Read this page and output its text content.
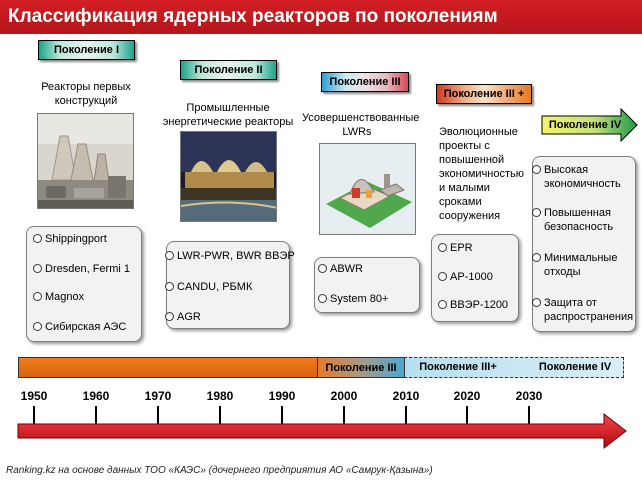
Классификация ядерных реакторов по поколениям
Поколение I
Поколение II
Поколение III
Поколение III +
Поколение IV
Реакторы первых конструкций
Промышленные энергетические реакторы Усовершенствованные LWRs	Эволюционные проекты с повышенной экономичностью и малыми сроками сооружения
Shippingport
Dresden, Fermi 1
Magnox
Сибирская АЭС
LWR-PWR, BWR ВВЭР
CANDU, РБМК
AGR
ABWR
System 80+
EPR
AP-1000
ВВЭР-1200
Высокая экономичность
Повышенная безопасность
Минимальные отходы
Защита от распространения
Поколение III	Поколение III+	Поколение IV
1950	1960	1970	1980	1990	2000	2010	2020	2030
Ranking.kz на основе данных ТОО «КАЭС» (дочернего предприятия АО «Самрук-Қазына»)
